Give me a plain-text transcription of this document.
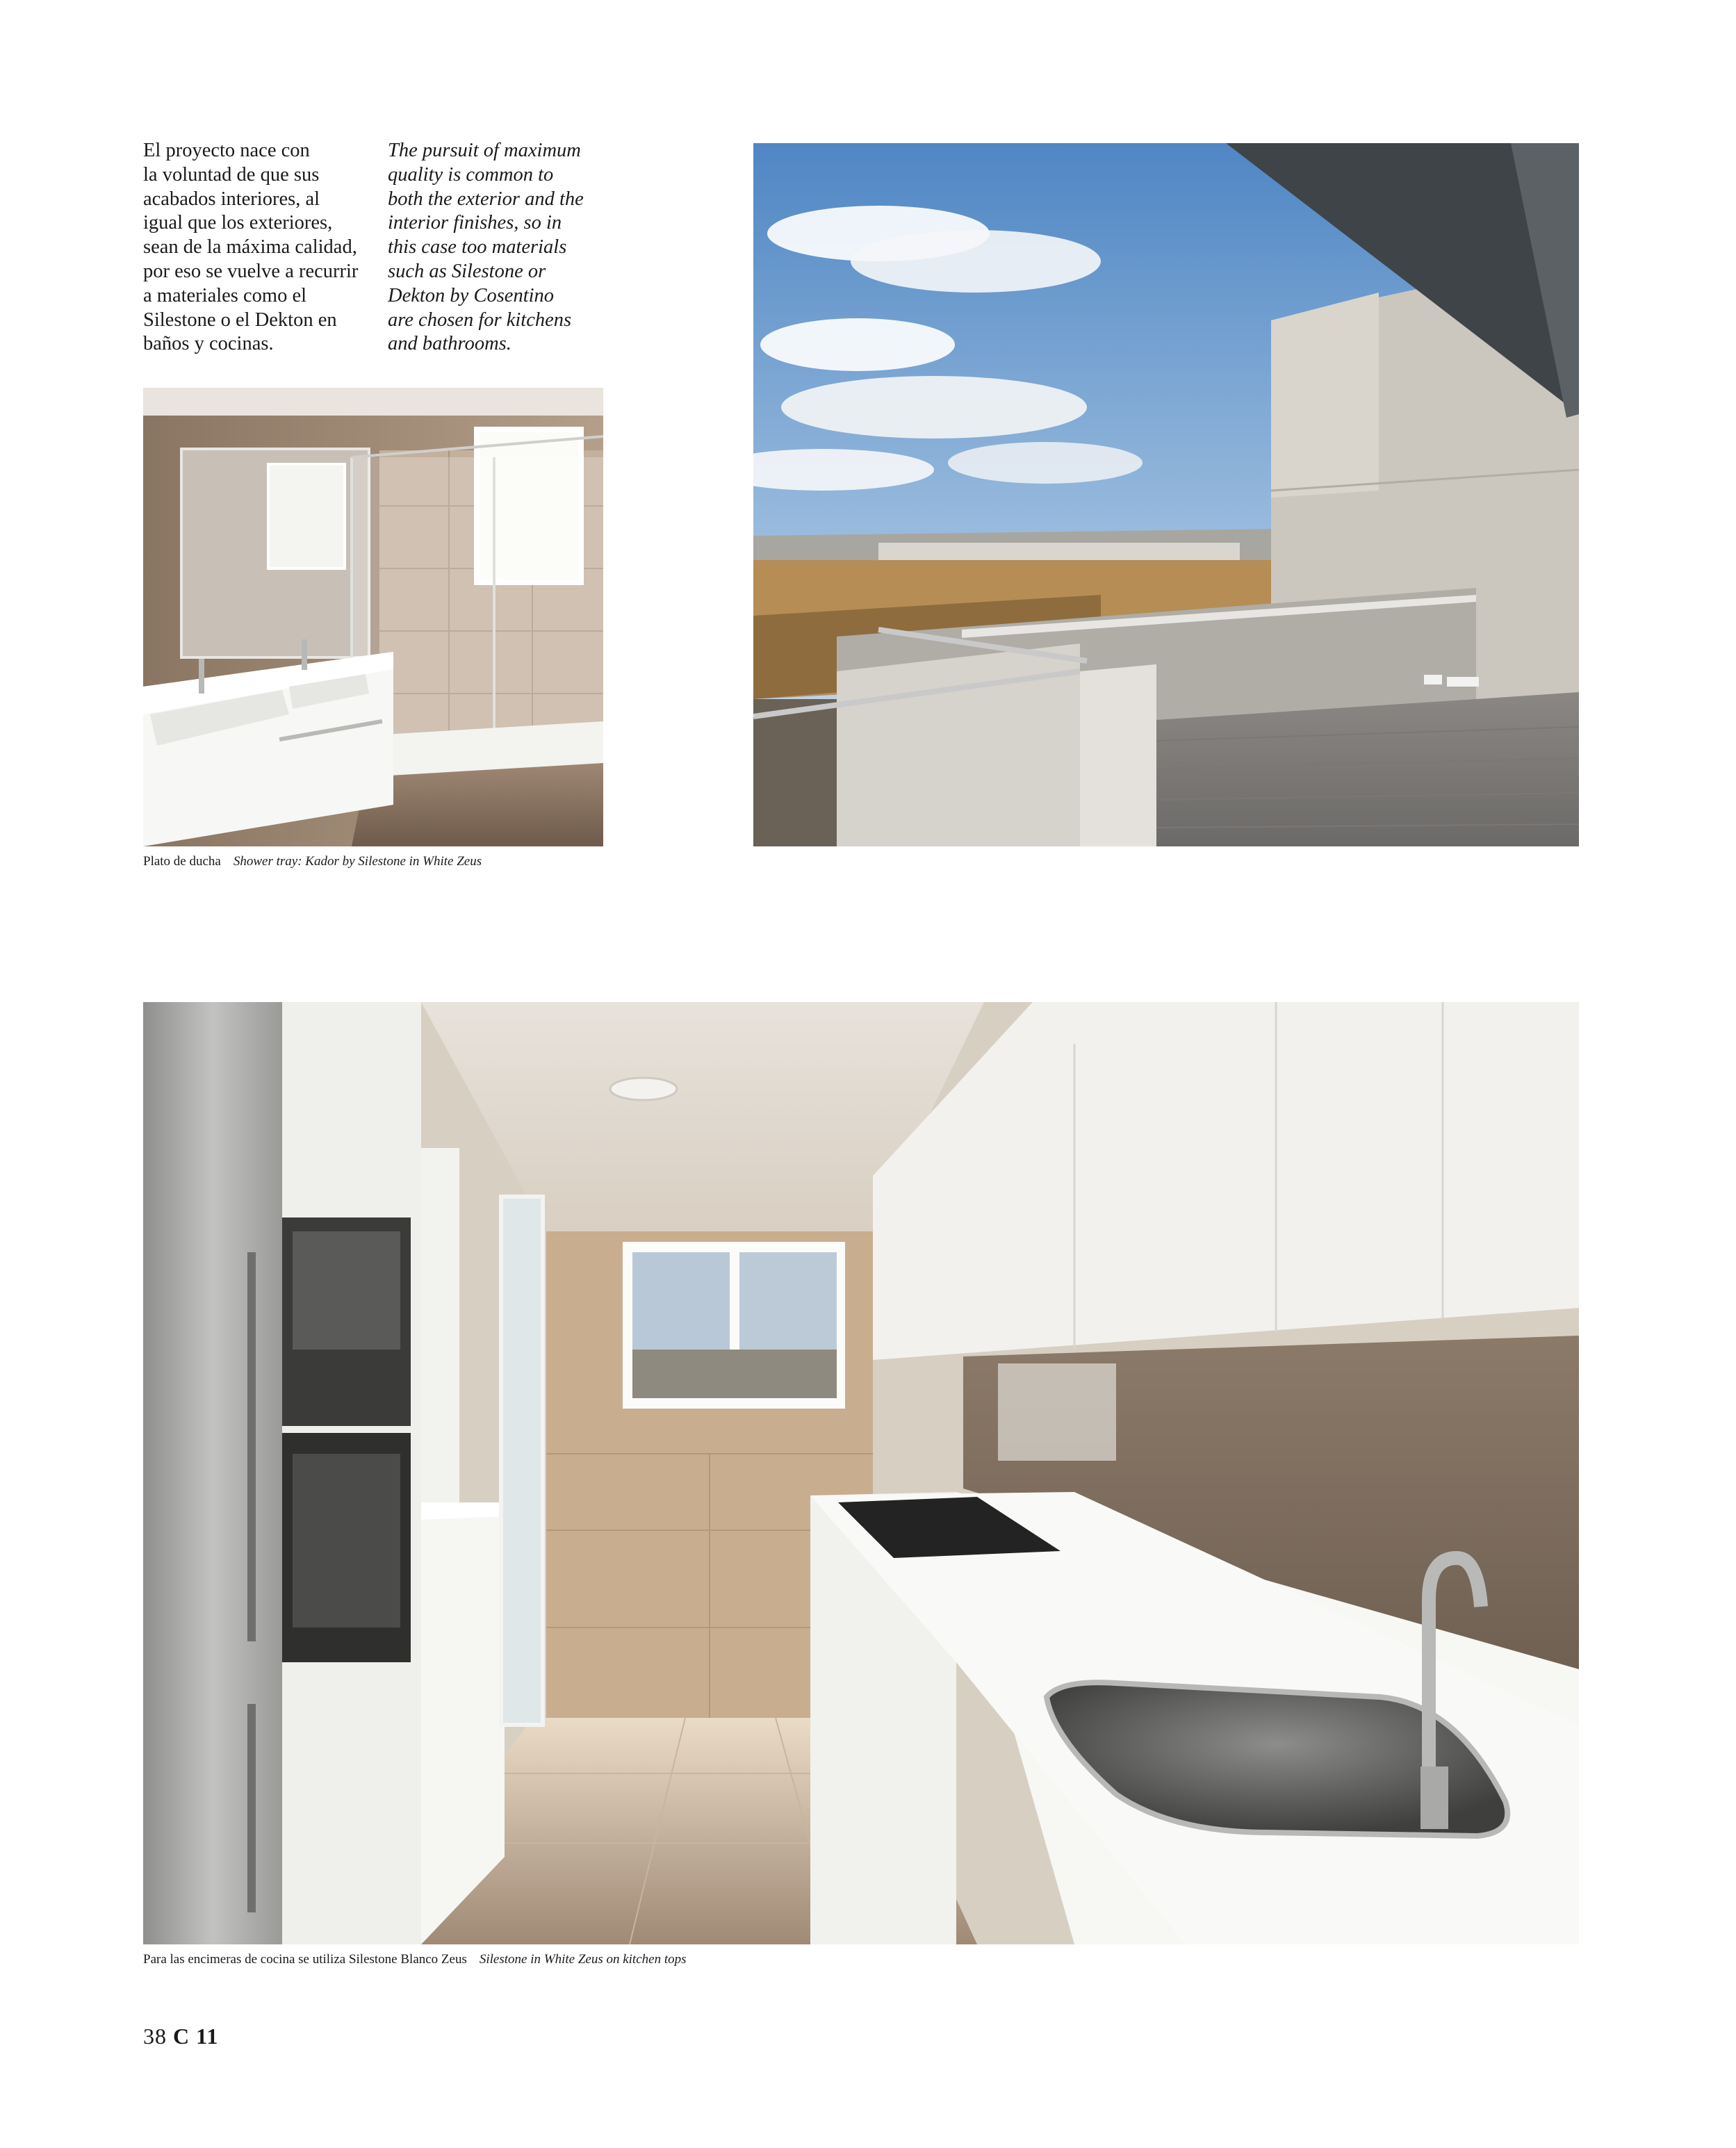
El proyecto nace con

la voluntad de que sus

acabados interiores, al

igual que los exteriores,

sean de la máxima calidad,

por eso se vuelve a recurrir

a materiales como el

Silestone o el Dekton en

baños y cocinas.

The pursuit of maximum

quality is common to

both the exterior and the

interior finishes, so in

this case too materials

such as Silestone or

Dekton by Cosentino

are chosen for kitchens

and bathrooms.

Plato de ducha Shower tray: Kador by Silestone in White Zeus
Para las encimeras de cocina se utiliza Silestone Blanco Zeus Silestone in White Zeus on kitchen tops
38 C 11
